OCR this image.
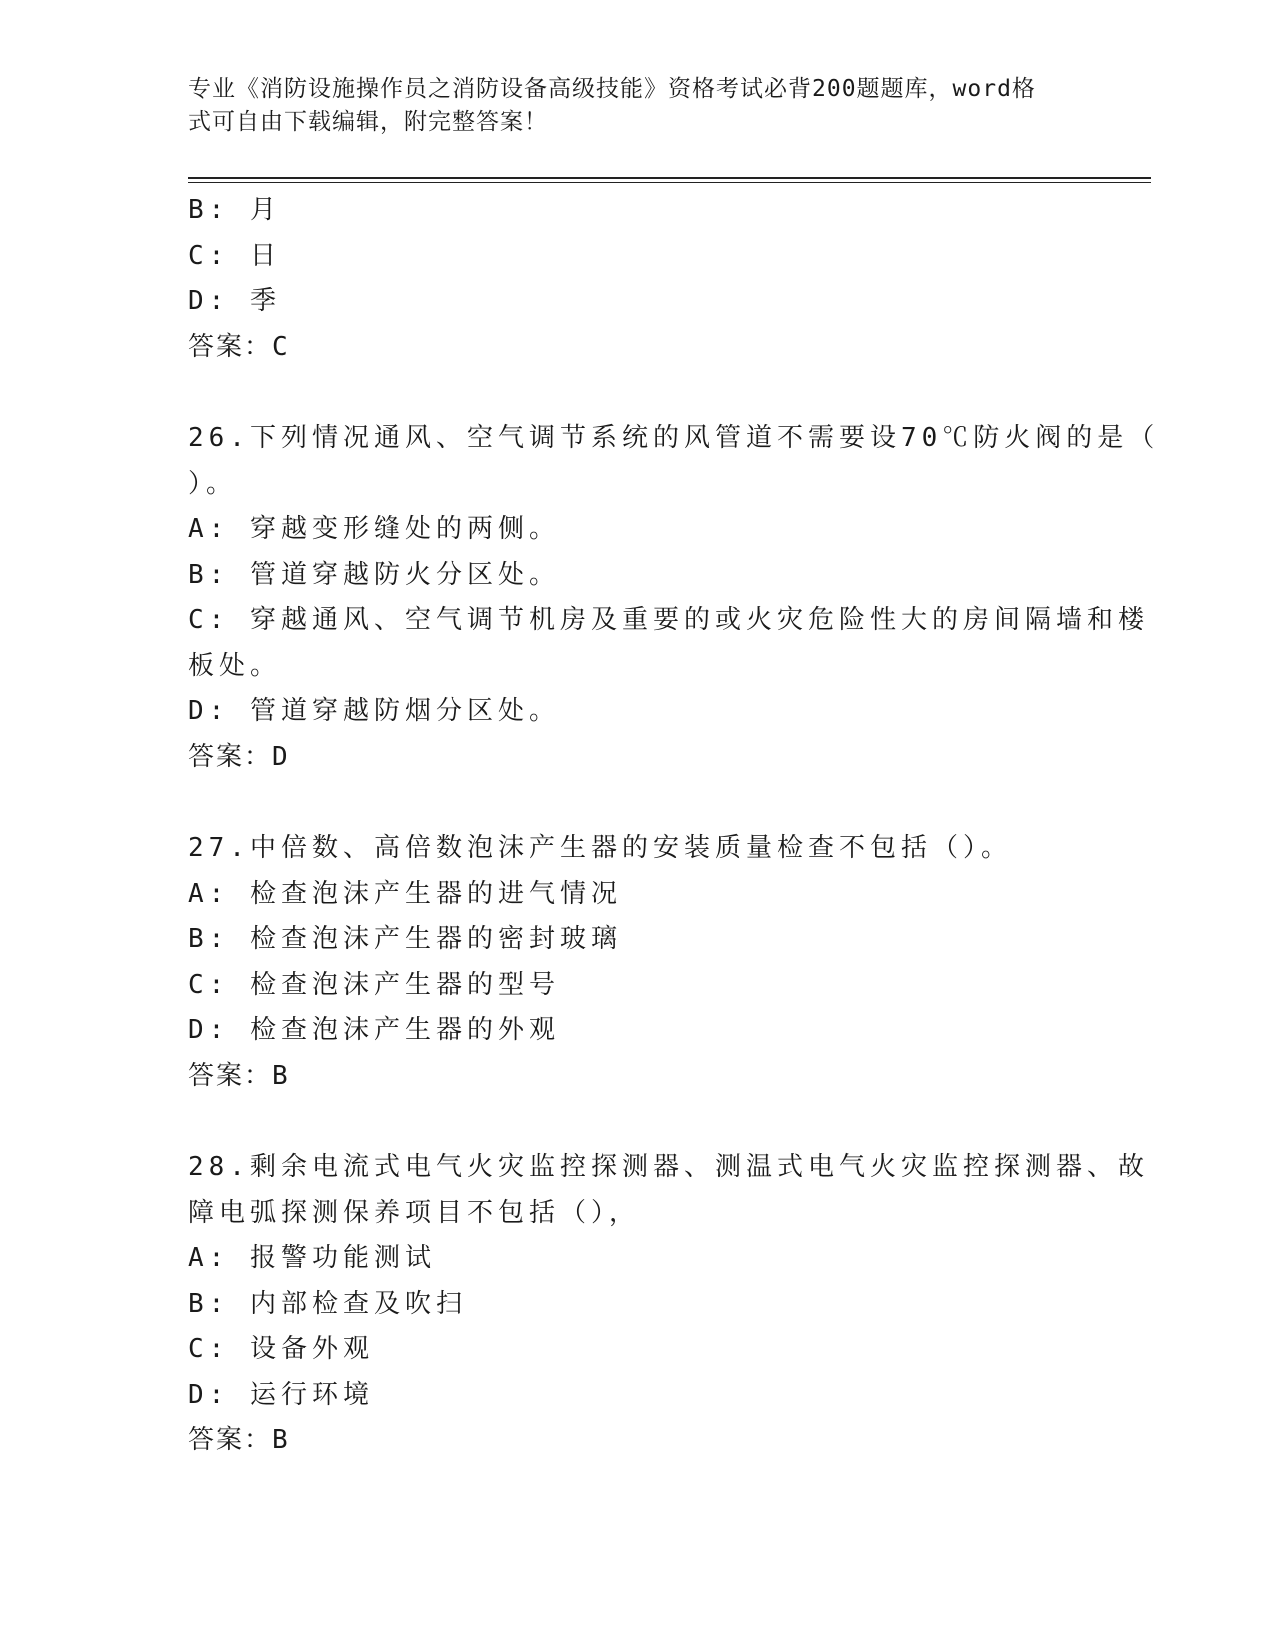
专业《消防设施操作员之消防设备高级技能》资格考试必背200题题库，word格
式可自由下载编辑，附完整答案！
B: 月
C: 日
D: 季
答案：C
26.下列情况通风、空气调节系统的风管道不需要设70℃防火阀的是（
）。
A: 穿越变形缝处的两侧。
B: 管道穿越防火分区处。
C: 穿越通风、空气调节机房及重要的或火灾危险性大的房间隔墙和楼
板处。
D: 管道穿越防烟分区处。
答案：D
27.中倍数、高倍数泡沫产生器的安装质量检查不包括（）。
A: 检查泡沫产生器的进气情况
B: 检查泡沫产生器的密封玻璃
C: 检查泡沫产生器的型号
D: 检查泡沫产生器的外观
答案：B
28.剩余电流式电气火灾监控探测器、测温式电气火灾监控探测器、故
障电弧探测保养项目不包括（），
A: 报警功能测试
B: 内部检查及吹扫
C: 设备外观
D: 运行环境
答案：B
